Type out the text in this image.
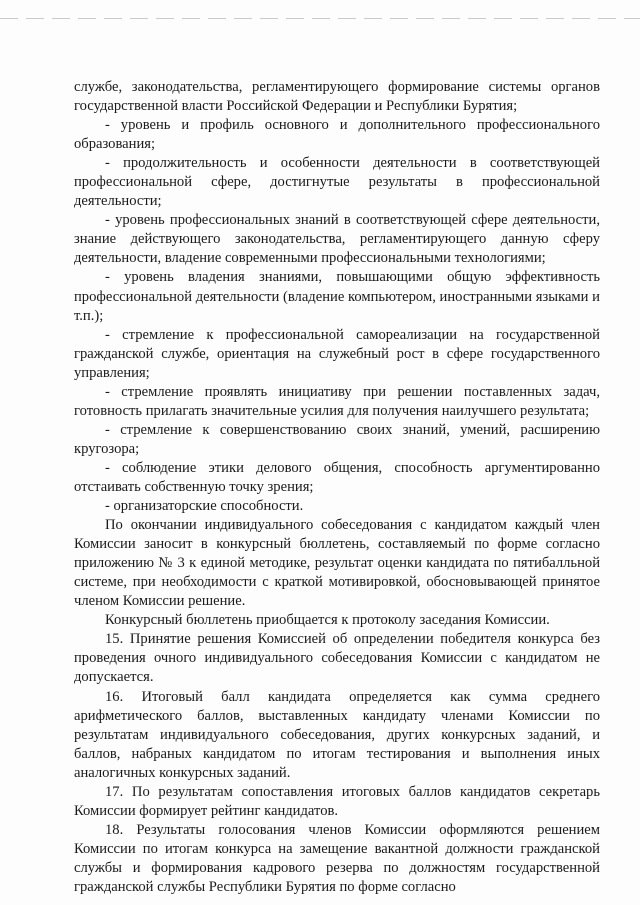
службе, законодательства, регламентирующего формирование системы органов государственной власти Российской Федерации и Республики Бурятия;

- уровень и профиль основного и дополнительного профессионального образования;

- продолжительность и особенности деятельности в соответствующей профессиональной сфере, достигнутые результаты в профессиональной деятельности;

- уровень профессиональных знаний в соответствующей сфере деятельности, знание действующего законодательства, регламентирующего данную сферу деятельности, владение современными профессиональными технологиями;

- уровень владения знаниями, повышающими общую эффективность профессиональной деятельности (владение компьютером, иностранными языками и т.п.);

- стремление к профессиональной самореализации на государственной гражданской службе, ориентация на служебный рост в сфере государственного управления;

- стремление проявлять инициативу при решении поставленных задач, готовность прилагать значительные усилия для получения наилучшего результата;

- стремление к совершенствованию своих знаний, умений, расширению кругозора;

- соблюдение этики делового общения, способность аргументированно отстаивать собственную точку зрения;

- организаторские способности.

По окончании индивидуального собеседования с кандидатом каждый член Комиссии заносит в конкурсный бюллетень, составляемый по форме согласно приложению № 3 к единой методике, результат оценки кандидата по пятибалльной системе, при необходимости с краткой мотивировкой, обосновывающей принятое членом Комиссии решение.

Конкурсный бюллетень приобщается к протоколу заседания Комиссии.

15. Принятие решения Комиссией об определении победителя конкурса без проведения очного индивидуального собеседования Комиссии с кандидатом не допускается.

16. Итоговый балл кандидата определяется как сумма среднего арифметического баллов, выставленных кандидату членами Комиссии по результатам индивидуального собеседования, других конкурсных заданий, и баллов, набраных кандидатом по итогам тестирования и выполнения иных аналогичных конкурсных заданий.

17. По результатам сопоставления итоговых баллов кандидатов секретарь Комиссии формирует рейтинг кандидатов.

18. Результаты голосования членов Комиссии оформляются решением Комиссии по итогам конкурса на замещение вакантной должности гражданской службы и формирования кадрового резерва по должностям государственной гражданской службы Республики Бурятия по форме согласно
